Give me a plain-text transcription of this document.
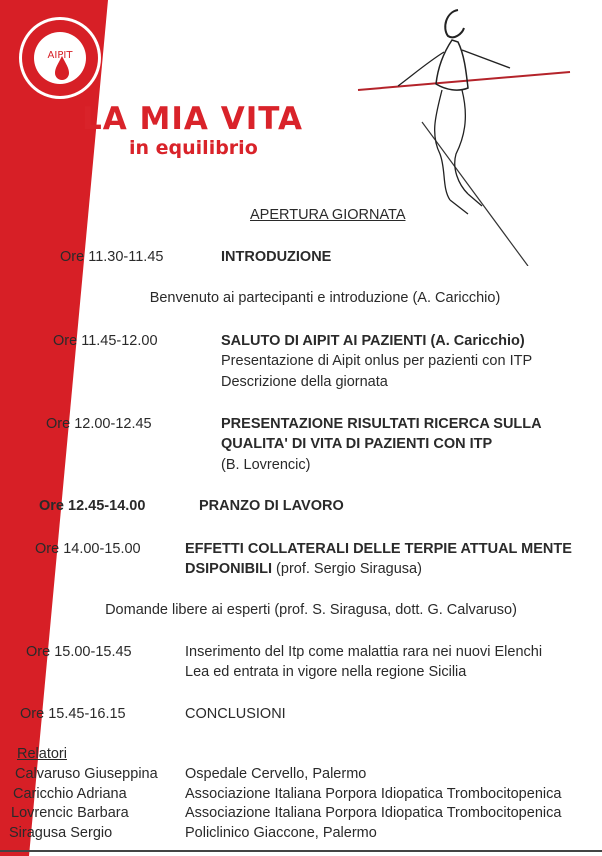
AIPIT
LA MIA VITA
in equilibrio
APERTURA GIORNATA
Ore 11.30-11.45	INTRODUZIONE
Benvenuto ai partecipanti e introduzione (A. Caricchio)
Ore 11.45-12.00	SALUTO DI AIPIT AI PAZIENTI (A. Caricchio)
Presentazione di Aipit onlus per pazienti con ITP
Descrizione della giornata
Ore 12.00-12.45	PRESENTAZIONE RISULTATI RICERCA SULLA
QUALITA' DI VITA DI PAZIENTI CON ITP
(B. Lovrencic)
Ore 12.45-14.00	PRANZO DI LAVORO
Ore 14.00-15.00	EFFETTI COLLATERALI DELLE TERPIE ATTUAL MENTE
DSIPONIBILI (prof. Sergio Siragusa)
Domande libere ai esperti (prof. S. Siragusa, dott. G. Calvaruso)
Ore 15.00-15.45	Inserimento del Itp come malattia rara nei nuovi Elenchi
Lea ed entrata in vigore nella regione Sicilia
Ore 15.45-16.15	CONCLUSIONI
Relatori
Calvaruso Giuseppina Ospedale Cervello, Palermo
Caricchio Adriana	Associazione Italiana Porpora Idiopatica Trombocitopenica
Lovrencic Barbara	Associazione Italiana Porpora Idiopatica Trombocitopenica
Siragusa Sergio	Policlinico Giaccone, Palermo
